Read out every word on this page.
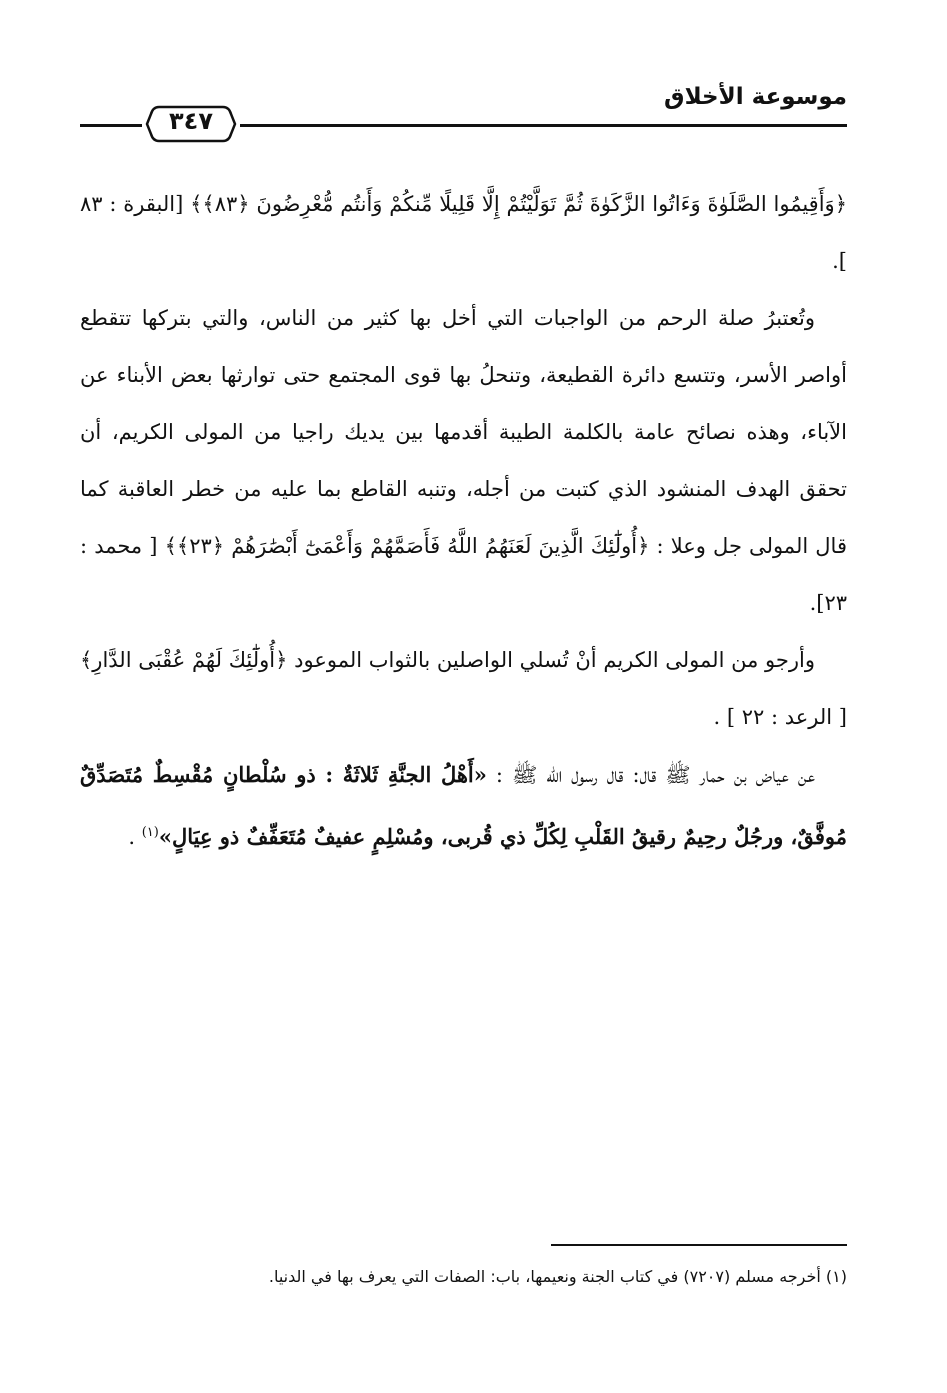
موسوعة الأخلاق
٣٤٧

﴿وَأَقِيمُوا الصَّلَوٰةَ وَءَاتُوا الزَّكَوٰةَ ثُمَّ تَوَلَّيْتُمْ إِلَّا قَلِيلًا مِّنكُمْ وَأَنتُم مُّعْرِضُونَ ﴿٨٣﴾﴾ [البقرة : ٨٣ ].

وتُعتبرُ صلة الرحم من الواجبات التي أخل بها كثير من الناس، والتي بتركها تتقطع أواصر الأسر، وتتسع دائرة القطيعة، وتنحلُ بها قوى المجتمع حتى توارثها بعض الأبناء عن الآباء، وهذه نصائح عامة بالكلمة الطيبة أقدمها بين يديك راجيا من المولى الكريم، أن تحقق الهدف المنشود الذي كتبت من أجله، وتنبه القاطع بما عليه من خطر العاقبة كما قال المولى جل وعلا : ﴿أُولَٰٓئِكَ الَّذِينَ لَعَنَهُمُ اللَّهُ فَأَصَمَّهُمْ وَأَعْمَىٰٓ أَبْصَٰرَهُمْ ﴿٢٣﴾﴾ [ محمد : ٢٣].

وأرجو من المولى الكريم أنْ تُسلي الواصلين بالثواب الموعود ﴿أُولَٰٓئِكَ لَهُمْ عُقْبَى الدَّارِ﴾ [ الرعد : ٢٢ ] .

عن عياض بن حمار ﷺ قال: قال رسول الله ﷺ : «أَهْلُ الجنَّةِ ثَلاثَةٌ : ذو سُلْطانٍ مُقْسِطٌ مُتَصَدِّقٌ مُوفَّقٌ، ورجُلٌ رحِيمٌ رقيقُ القَلْبِ لِكُلِّ ذي قُربى، ومُسْلِمٍ عفيفٌ مُتَعَفِّفٌ ذو عِيَالٍ»$^{(١)}$ .

(١) أخرجه مسلم (٧٢٠٧) في كتاب الجنة ونعيمها، باب: الصفات التي يعرف بها في الدنيا.
